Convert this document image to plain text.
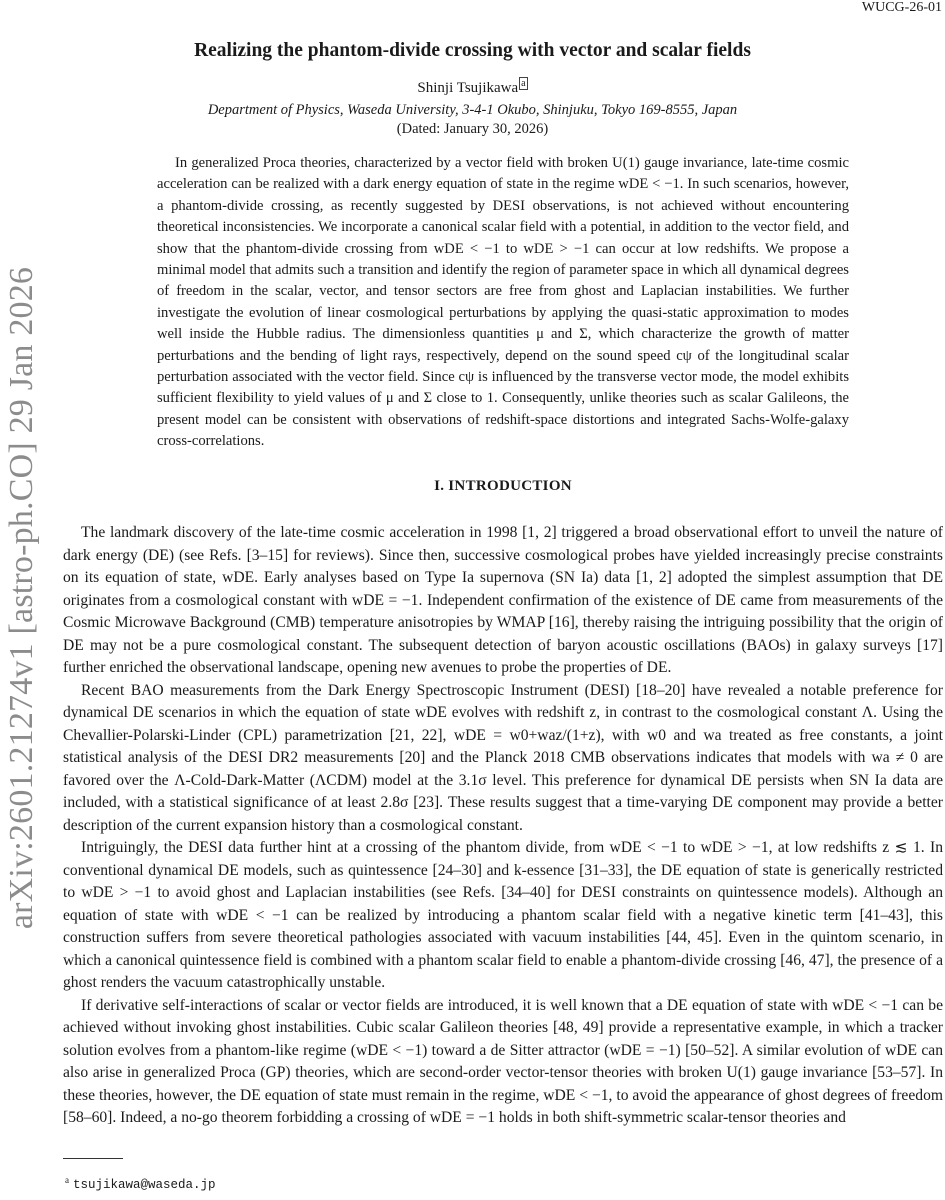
WUCG-26-01
arXiv:2601.21274v1 [astro-ph.CO] 29 Jan 2026
Realizing the phantom-divide crossing with vector and scalar fields
Shinji Tsujikawa $^a$
Department of Physics, Waseda University, 3-4-1 Okubo, Shinjuku, Tokyo 169-8555, Japan
(Dated: January 30, 2026)
In generalized Proca theories, characterized by a vector field with broken U(1) gauge invariance, late-time cosmic acceleration can be realized with a dark energy equation of state in the regime wDE < −1. In such scenarios, however, a phantom-divide crossing, as recently suggested by DESI observations, is not achieved without encountering theoretical inconsistencies. We incorporate a canonical scalar field with a potential, in addition to the vector field, and show that the phantom-divide crossing from wDE < −1 to wDE > −1 can occur at low redshifts. We propose a minimal model that admits such a transition and identify the region of parameter space in which all dynamical degrees of freedom in the scalar, vector, and tensor sectors are free from ghost and Laplacian instabilities. We further investigate the evolution of linear cosmological perturbations by applying the quasi-static approximation to modes well inside the Hubble radius. The dimensionless quantities μ and Σ, which characterize the growth of matter perturbations and the bending of light rays, respectively, depend on the sound speed cψ of the longitudinal scalar perturbation associated with the vector field. Since cψ is influenced by the transverse vector mode, the model exhibits sufficient flexibility to yield values of μ and Σ close to 1. Consequently, unlike theories such as scalar Galileons, the present model can be consistent with observations of redshift-space distortions and integrated Sachs-Wolfe-galaxy cross-correlations.
I. INTRODUCTION

The landmark discovery of the late-time cosmic acceleration in 1998 [1, 2] triggered a broad observational effort to unveil the nature of dark energy (DE) (see Refs. [3–15] for reviews). Since then, successive cosmological probes have yielded increasingly precise constraints on its equation of state, wDE. Early analyses based on Type Ia supernova (SN Ia) data [1, 2] adopted the simplest assumption that DE originates from a cosmological constant with wDE = −1. Independent confirmation of the existence of DE came from measurements of the Cosmic Microwave Background (CMB) temperature anisotropies by WMAP [16], thereby raising the intriguing possibility that the origin of DE may not be a pure cosmological constant. The subsequent detection of baryon acoustic oscillations (BAOs) in galaxy surveys [17] further enriched the observational landscape, opening new avenues to probe the properties of DE.

Recent BAO measurements from the Dark Energy Spectroscopic Instrument (DESI) [18–20] have revealed a notable preference for dynamical DE scenarios in which the equation of state wDE evolves with redshift z, in contrast to the cosmological constant Λ. Using the Chevallier-Polarski-Linder (CPL) parametrization [21, 22], wDE = w0+waz/(1+z), with w0 and wa treated as free constants, a joint statistical analysis of the DESI DR2 measurements [20] and the Planck 2018 CMB observations indicates that models with wa ≠ 0 are favored over the Λ-Cold-Dark-Matter (ΛCDM) model at the 3.1σ level. This preference for dynamical DE persists when SN Ia data are included, with a statistical significance of at least 2.8σ [23]. These results suggest that a time-varying DE component may provide a better description of the current expansion history than a cosmological constant.

Intriguingly, the DESI data further hint at a crossing of the phantom divide, from wDE < −1 to wDE > −1, at low redshifts z ≲ 1. In conventional dynamical DE models, such as quintessence [24–30] and k-essence [31–33], the DE equation of state is generically restricted to wDE > −1 to avoid ghost and Laplacian instabilities (see Refs. [34–40] for DESI constraints on quintessence models). Although an equation of state with wDE < −1 can be realized by introducing a phantom scalar field with a negative kinetic term [41–43], this construction suffers from severe theoretical pathologies associated with vacuum instabilities [44, 45]. Even in the quintom scenario, in which a canonical quintessence field is combined with a phantom scalar field to enable a phantom-divide crossing [46, 47], the presence of a ghost renders the vacuum catastrophically unstable.

If derivative self-interactions of scalar or vector fields are introduced, it is well known that a DE equation of state with wDE < −1 can be achieved without invoking ghost instabilities. Cubic scalar Galileon theories [48, 49] provide a representative example, in which a tracker solution evolves from a phantom-like regime (wDE < −1) toward a de Sitter attractor (wDE = −1) [50–52]. A similar evolution of wDE can also arise in generalized Proca (GP) theories, which are second-order vector-tensor theories with broken U(1) gauge invariance [53–57]. In these theories, however, the DE equation of state must remain in the regime, wDE < −1, to avoid the appearance of ghost degrees of freedom [58–60]. Indeed, a no-go theorem forbidding a crossing of wDE = −1 holds in both shift-symmetric scalar-tensor theories and

$^a$ tsujikawa@waseda.jp
